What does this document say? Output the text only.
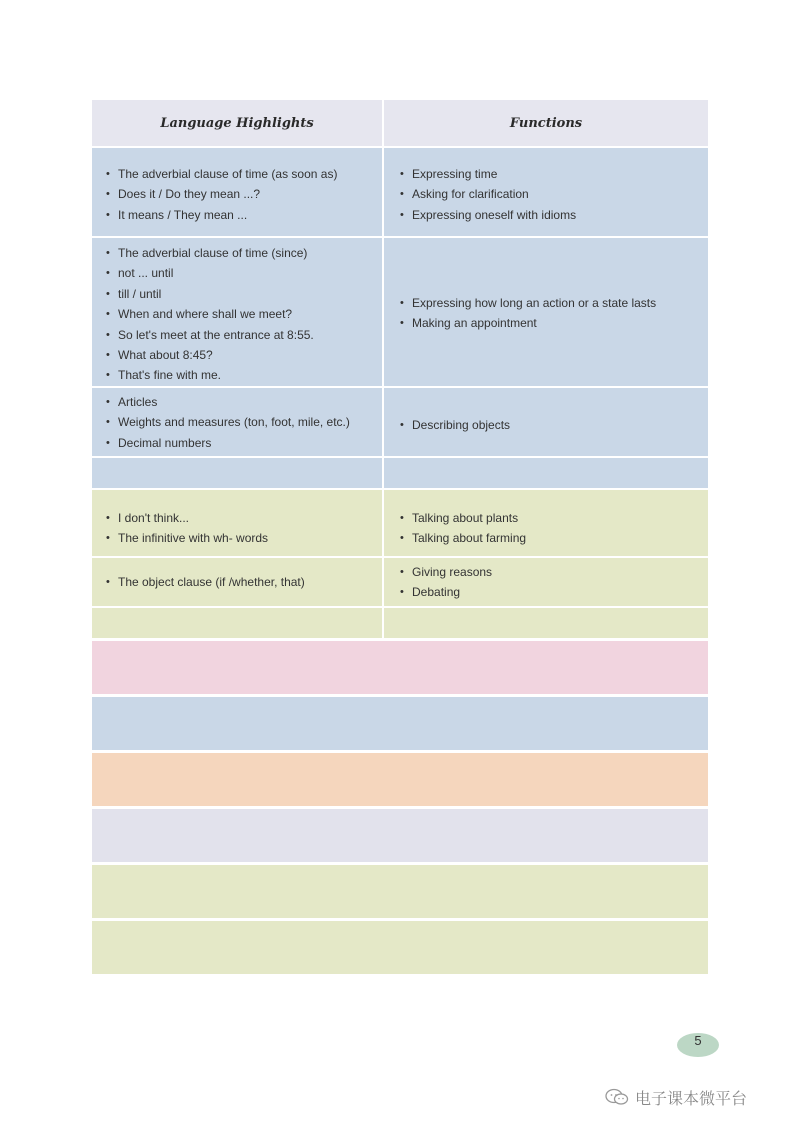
Language Highlights	Functions
• The adverbial clause of time (as soon as)
• Does it / Do they mean ...?
• It means / They mean ...
• Expressing time
• Asking for clarification
• Expressing oneself with idioms
• The adverbial clause of time (since)
• not ... until
• till / until
• When and where shall we meet?
• So let's meet at the entrance at 8:55.
• What about 8:45?
• That's fine with me.
• Expressing how long an action or a state lasts
• Making an appointment
• Articles
• Weights and measures (ton, foot, mile, etc.)
• Decimal numbers
• Describing objects
• I don't think...
• The infinitive with wh- words
• Talking about plants
• Talking about farming
• The object clause (if /whether, that)
• Giving reasons
• Debating
5
电子课本微平台
